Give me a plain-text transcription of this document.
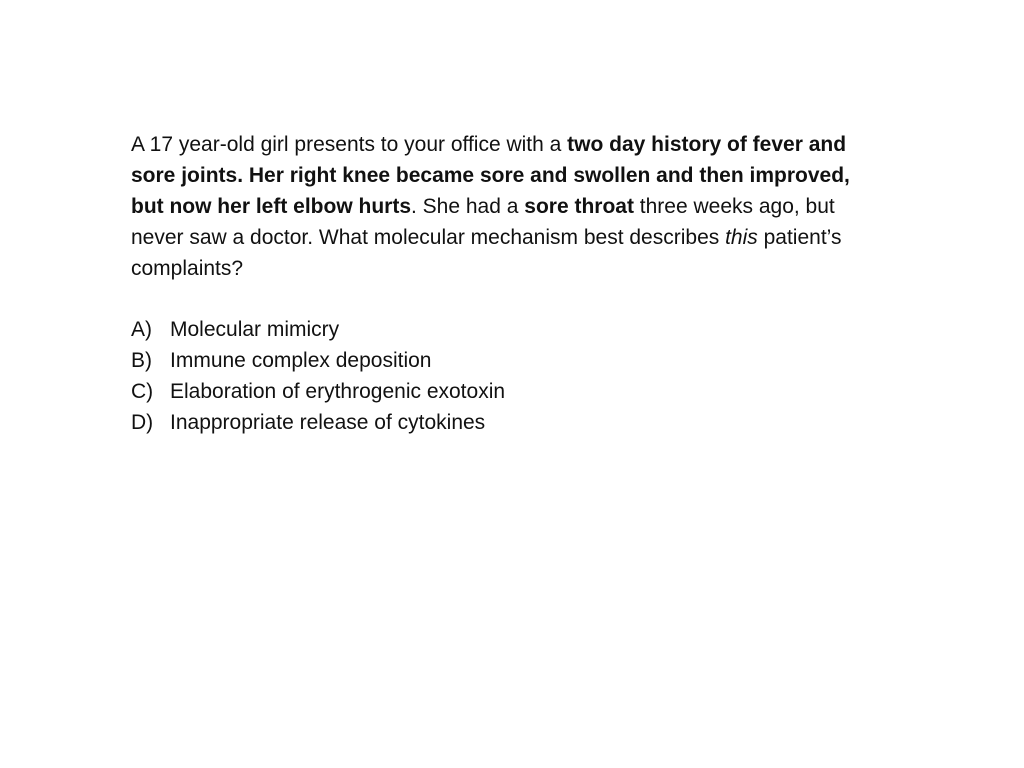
A 17 year-old girl presents to your office with a two day history of fever and sore joints. Her right knee became sore and swollen and then improved, but now her left elbow hurts. She had a sore throat three weeks ago, but never saw a doctor. What molecular mechanism best describes this patient’s complaints?

A) Molecular mimicry
B) Immune complex deposition
C) Elaboration of erythrogenic exotoxin
D) Inappropriate release of cytokines
